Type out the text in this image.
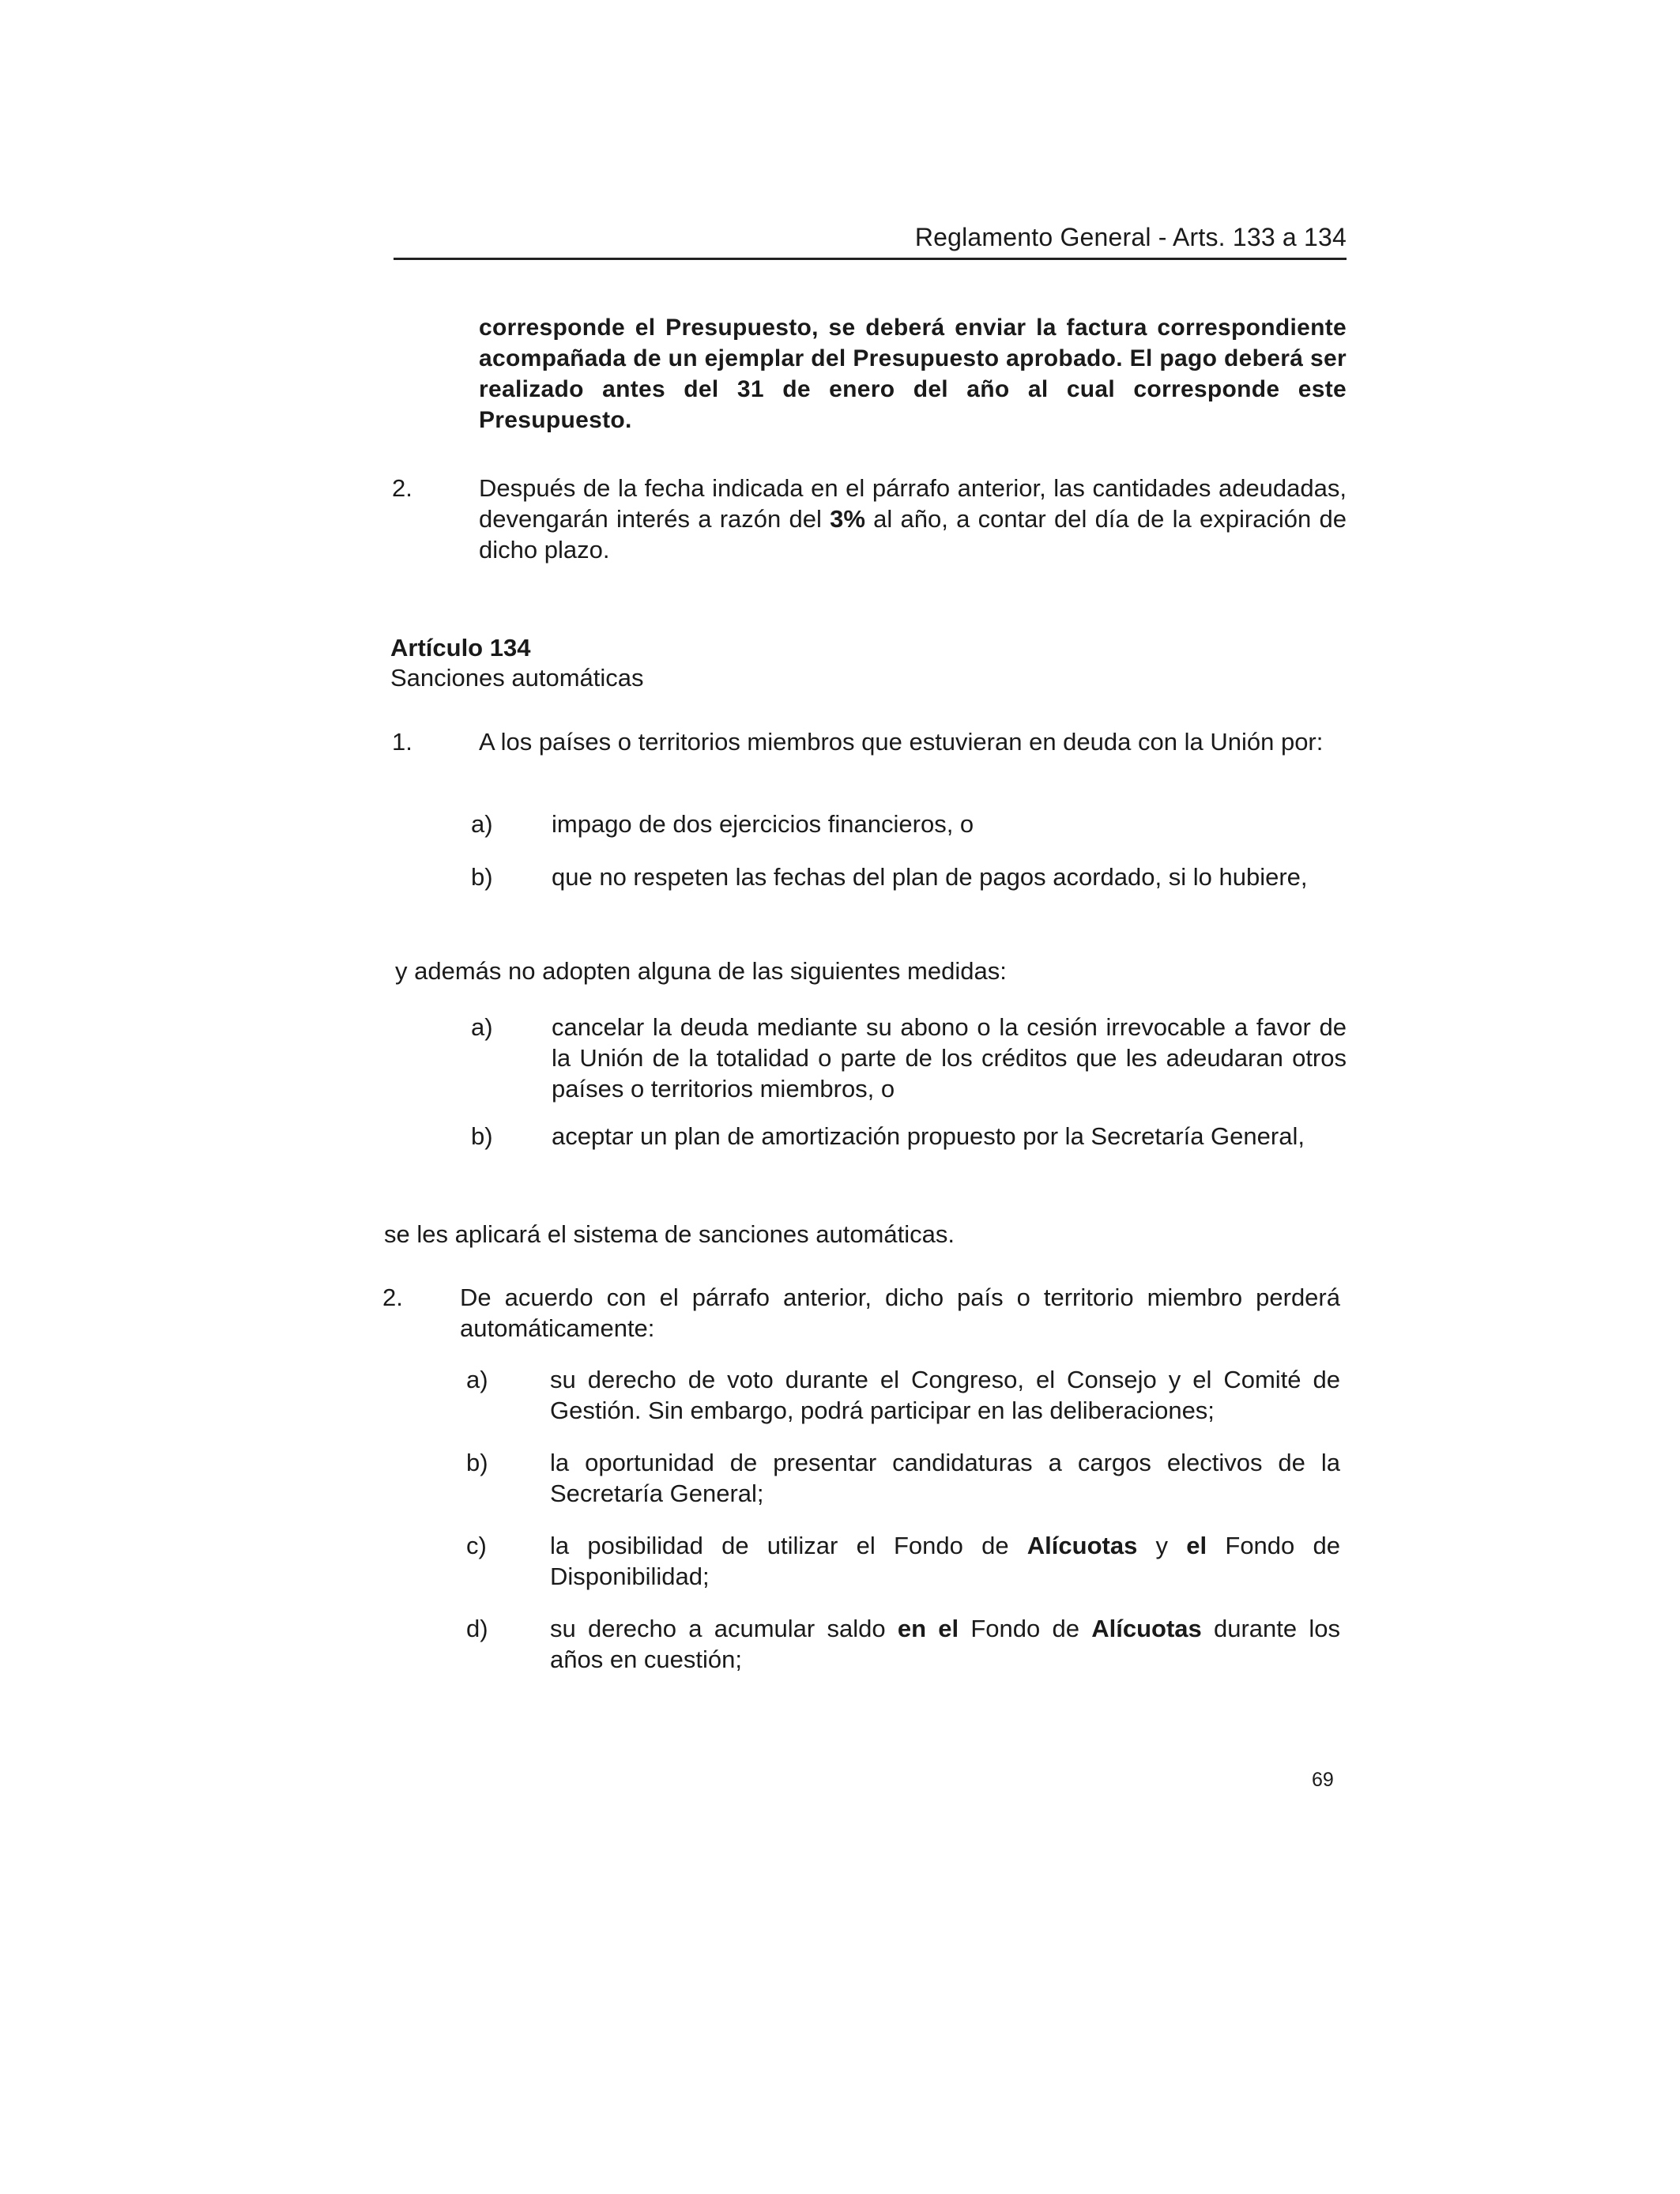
Reglamento General - Arts. 133 a 134
corresponde el Presupuesto, se deberá enviar la factura correspondiente acompañada de un ejemplar del Presupuesto aprobado. El pago deberá ser realizado antes del 31 de enero del año al cual corresponde este Presupuesto.
2.	Después de la fecha indicada en el párrafo anterior, las cantidades adeudadas, devengarán interés a razón del 3% al año, a contar del día de la expiración de dicho plazo.
Artículo 134
Sanciones automáticas
1.	A los países o territorios miembros que estuvieran en deuda con la Unión por:
a) impago de dos ejercicios financieros, o
b) que no respeten las fechas del plan de pagos acordado, si lo hubiere,
y además no adopten alguna de las siguientes medidas:
a) cancelar la deuda mediante su abono o la cesión irrevocable a favor de la Unión de la totalidad o parte de los créditos que les adeudaran otros países o territorios miembros, o
b) aceptar un plan de amortización propuesto por la Secretaría General,
se les aplicará el sistema de sanciones automáticas.
2. De acuerdo con el párrafo anterior, dicho país o territorio miembro perderá automáticamente:
a)	su derecho de voto durante el Congreso, el Consejo y el Comité de Gestión. Sin embargo, podrá participar en las deliberaciones;
b)	la oportunidad de presentar candidaturas a cargos electivos de la Secretaría General;
c)	la posibilidad de utilizar el Fondo de Alícuotas y el Fondo de Disponibilidad;
d)	su derecho a acumular saldo en el Fondo de Alícuotas durante los años en cuestión;
69
